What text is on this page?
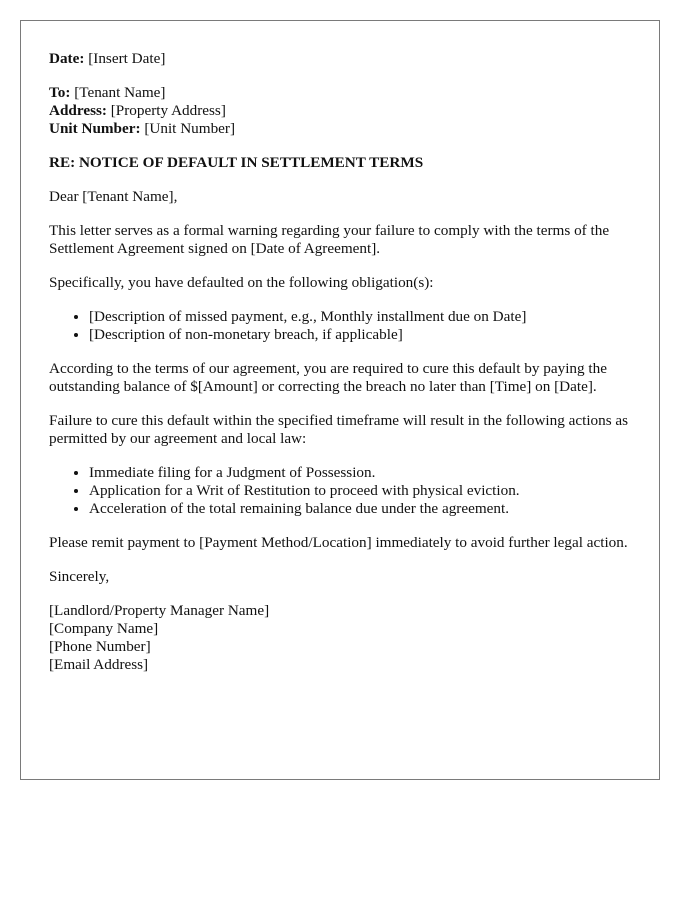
Date: [Insert Date]

To: [Tenant Name]
Address: [Property Address]
Unit Number: [Unit Number]

RE: NOTICE OF DEFAULT IN SETTLEMENT TERMS

Dear [Tenant Name],

This letter serves as a formal warning regarding your failure to comply with the terms of the Settlement Agreement signed on [Date of Agreement].

Specifically, you have defaulted on the following obligation(s):

• [Description of missed payment, e.g., Monthly installment due on Date]
• [Description of non-monetary breach, if applicable]

According to the terms of our agreement, you are required to cure this default by paying the outstanding balance of $[Amount] or correcting the breach no later than [Time] on [Date].

Failure to cure this default within the specified timeframe will result in the following actions as permitted by our agreement and local law:

• Immediate filing for a Judgment of Possession.
• Application for a Writ of Restitution to proceed with physical eviction.
• Acceleration of the total remaining balance due under the agreement.

Please remit payment to [Payment Method/Location] immediately to avoid further legal action.

Sincerely,

[Landlord/Property Manager Name]
[Company Name]
[Phone Number]
[Email Address]
